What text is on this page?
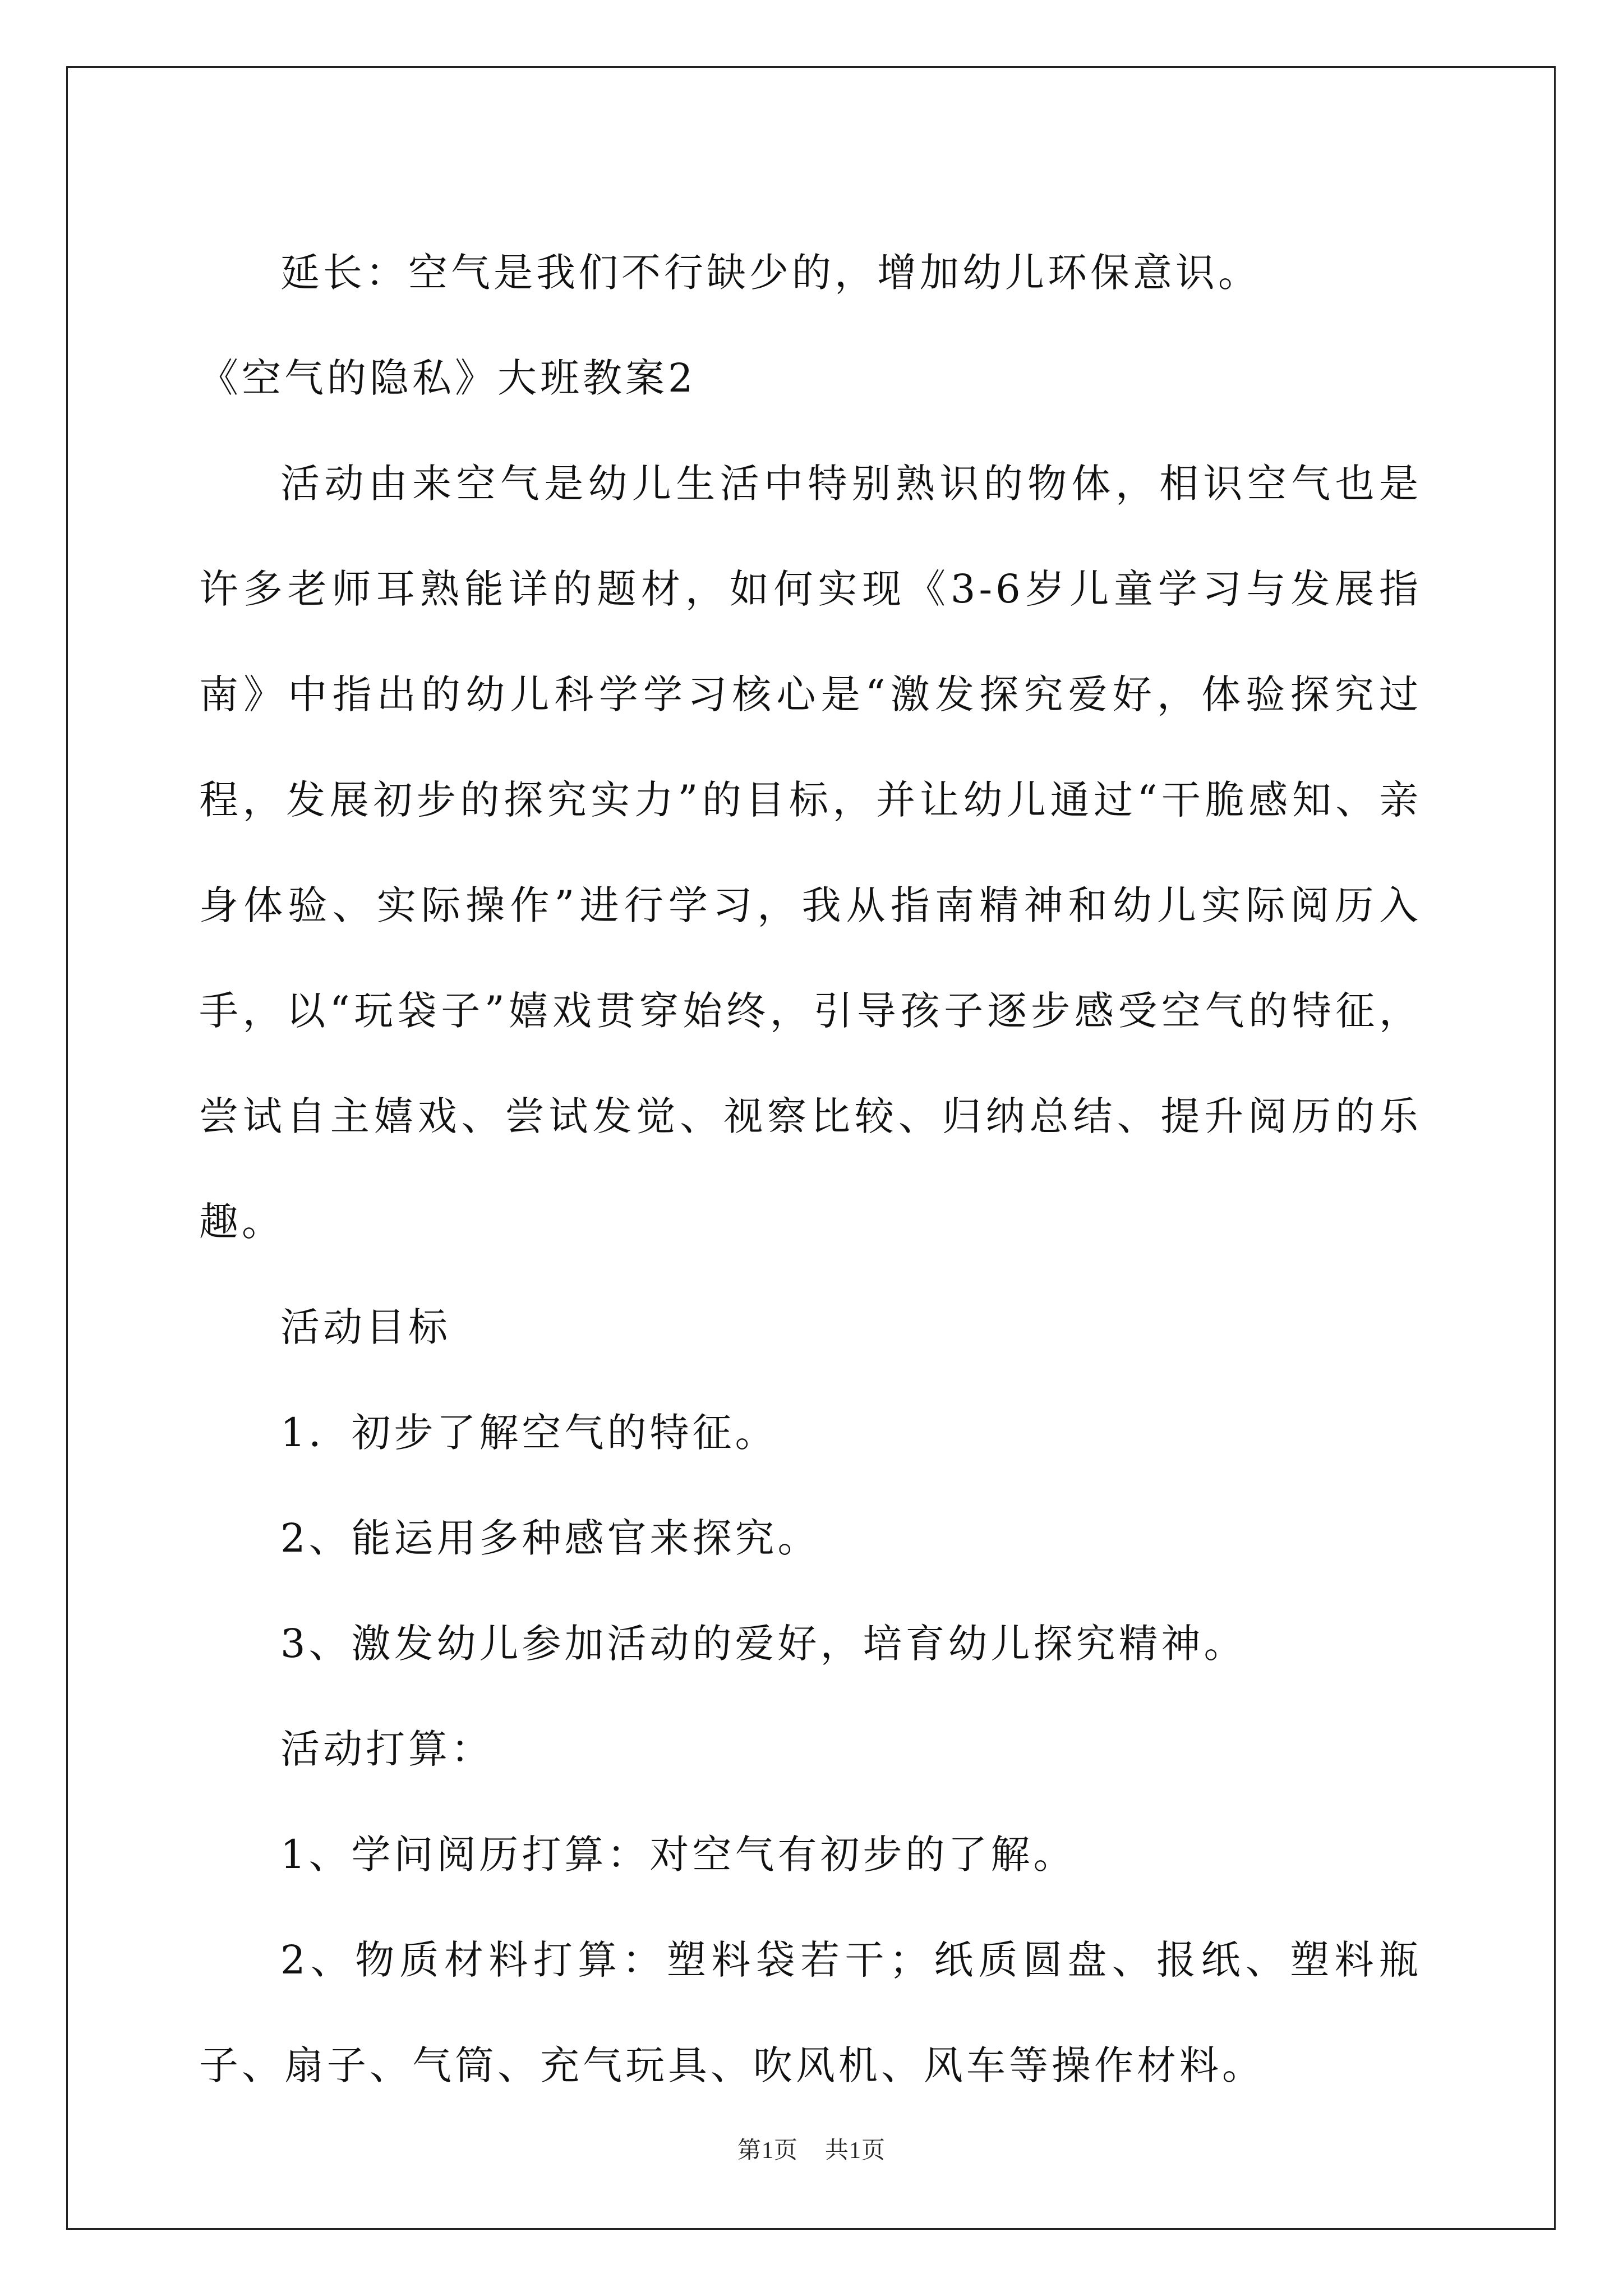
延长：空气是我们不行缺少的，增加幼儿环保意识。

《空气的隐私》大班教案2

活动由来空气是幼儿生活中特别熟识的物体，相识空气也是许多老师耳熟能详的题材，如何实现《3-6岁儿童学习与发展指南》中指出的幼儿科学学习核心是“激发探究爱好，体验探究过程，发展初步的探究实力”的目标，并让幼儿通过“干脆感知、亲身体验、实际操作”进行学习，我从指南精神和幼儿实际阅历入手，以“玩袋子”嬉戏贯穿始终，引导孩子逐步感受空气的特征，尝试自主嬉戏、尝试发觉、视察比较、归纳总结、提升阅历的乐趣。

活动目标

1．初步了解空气的特征。

2、能运用多种感官来探究。

3、激发幼儿参加活动的爱好，培育幼儿探究精神。

活动打算：

1、学问阅历打算：对空气有初步的了解。

2、物质材料打算：塑料袋若干；纸质圆盘、报纸、塑料瓶子、扇子、气筒、充气玩具、吹风机、风车等操作材料。

第1页 共1页
